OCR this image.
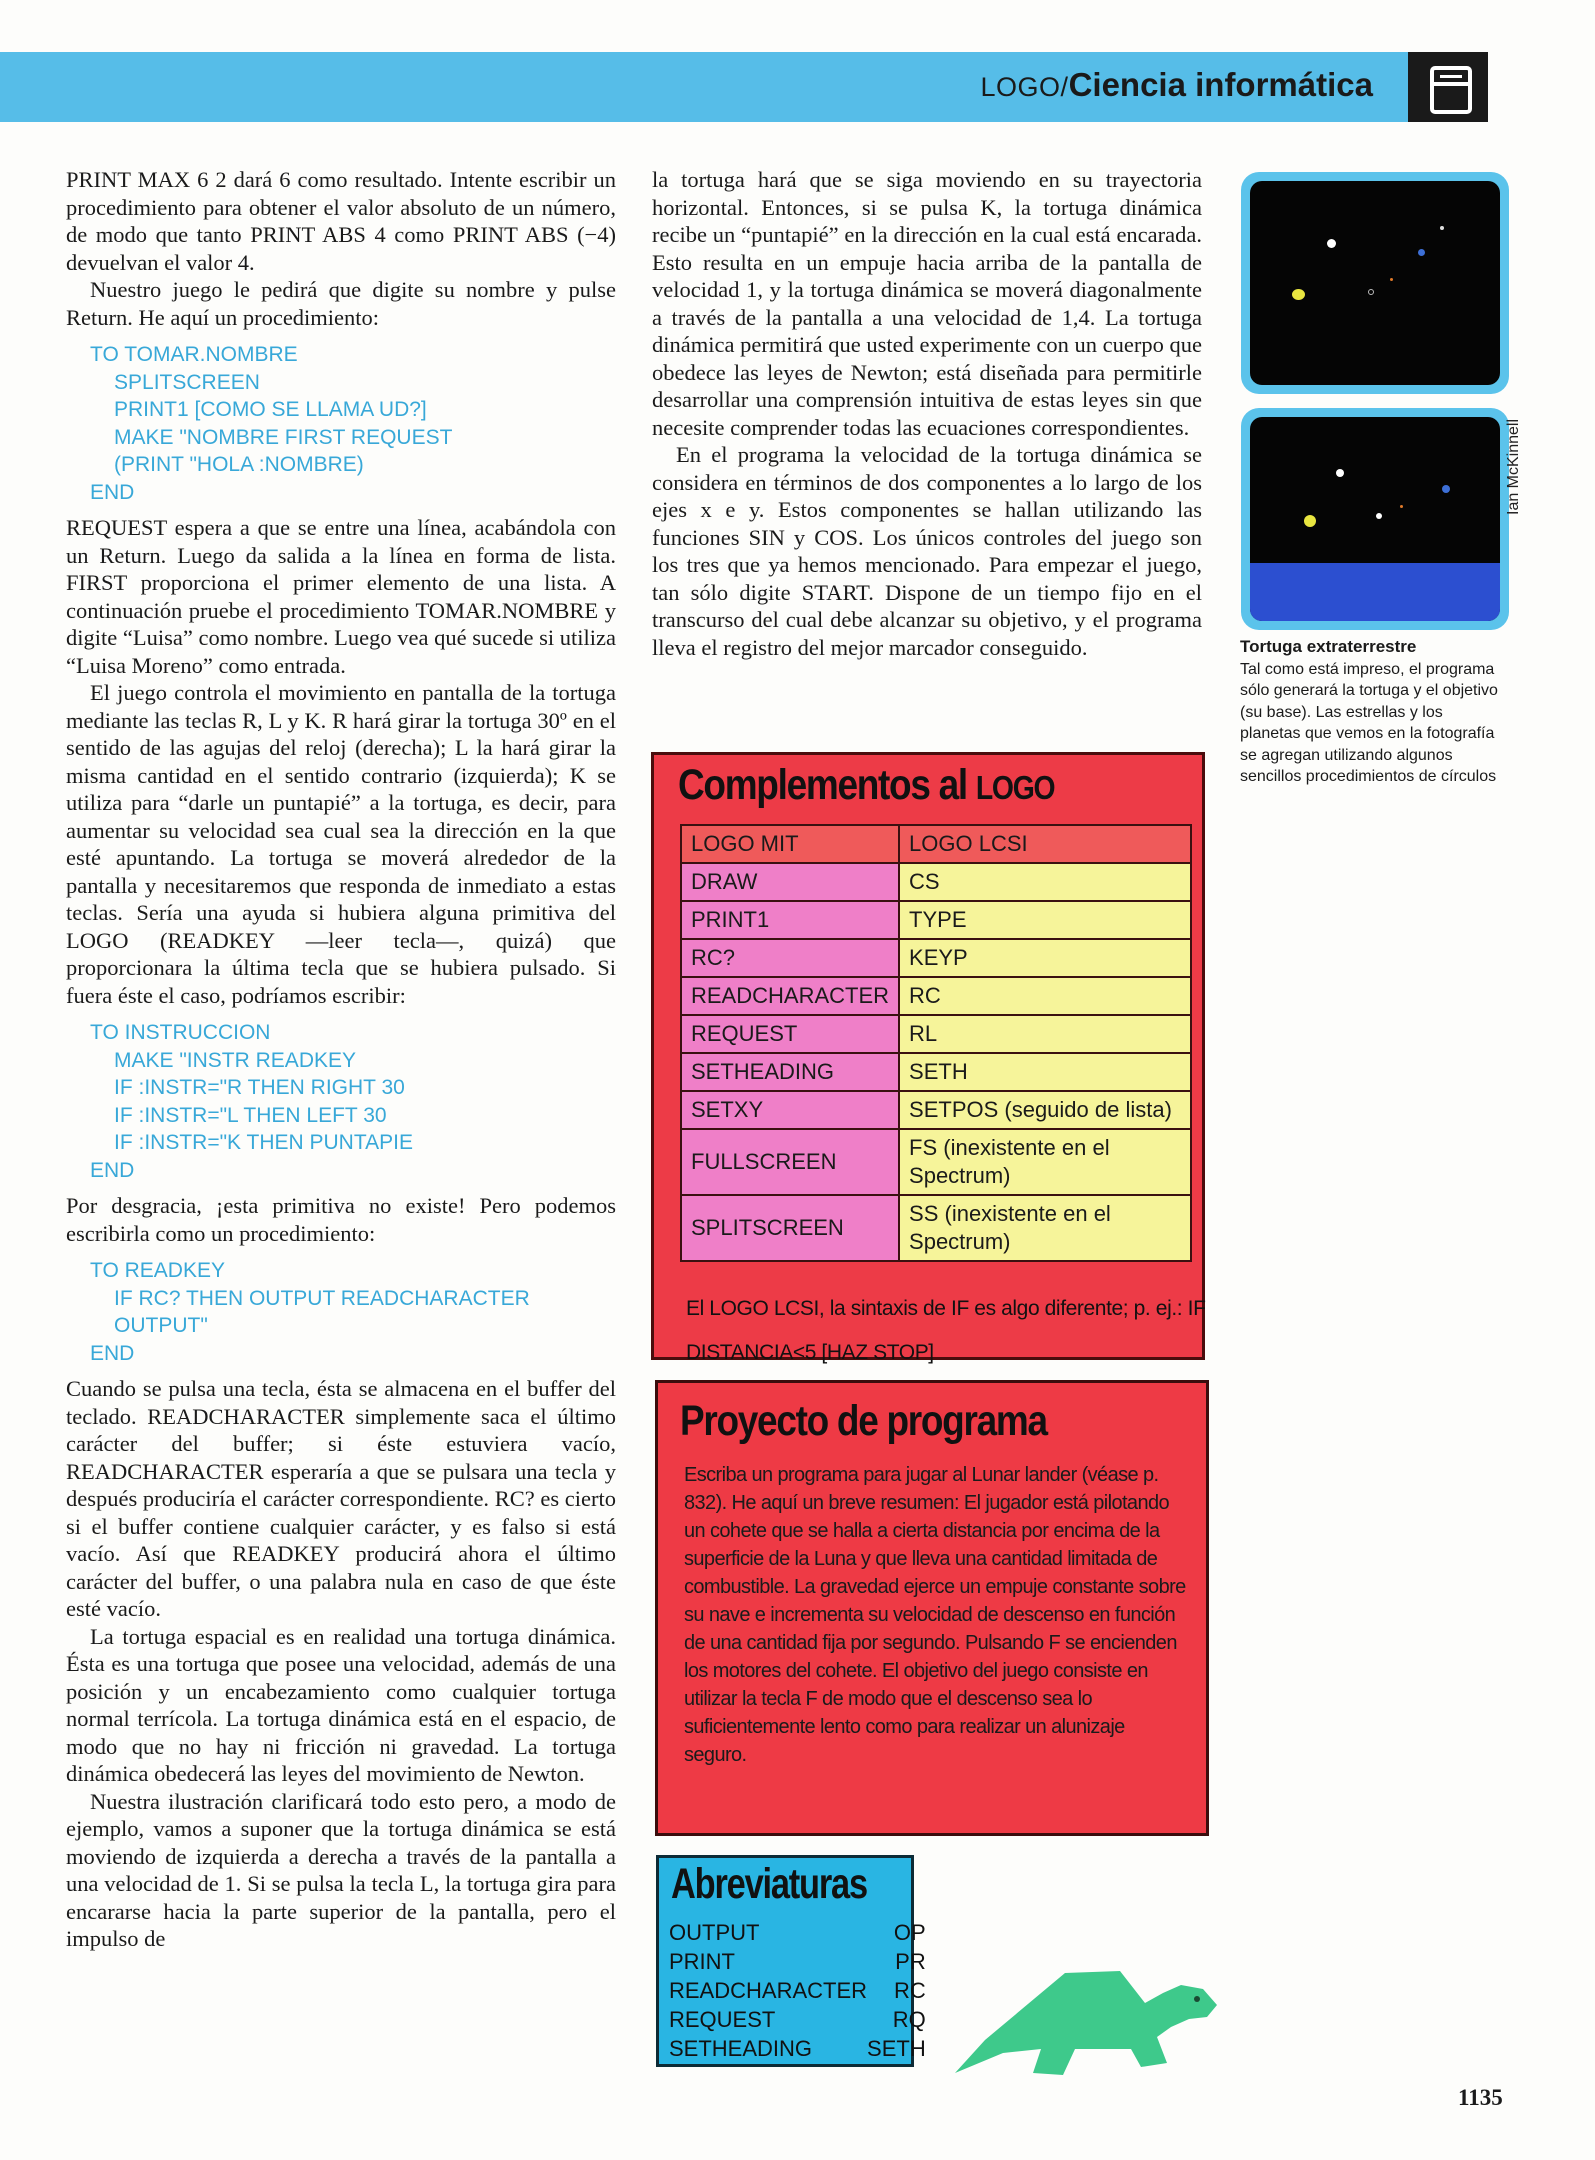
LOGO/Ciencia informática

PRINT MAX 6 2 dará 6 como resultado. Intente escribir un procedimiento para obtener el valor absoluto de un número, de modo que tanto PRINT ABS 4 como PRINT ABS (−4) devuelvan el valor 4.

Nuestro juego le pedirá que digite su nombre y pulse Return. He aquí un procedimiento:

TO TOMAR.NOMBRE
SPLITSCREEN
PRINT1 [COMO SE LLAMA UD?]
MAKE "NOMBRE FIRST REQUEST
(PRINT "HOLA :NOMBRE)
END

REQUEST espera a que se entre una línea, acabándola con un Return. Luego da salida a la línea en forma de lista. FIRST proporciona el primer elemento de una lista. A continuación pruebe el procedimiento TOMAR.NOMBRE y digite “Luisa” como nombre. Luego vea qué sucede si utiliza “Luisa Moreno” como entrada.

El juego controla el movimiento en pantalla de la tortuga mediante las teclas R, L y K. R hará girar la tortuga 30º en el sentido de las agujas del reloj (derecha); L la hará girar la misma cantidad en el sentido contrario (izquierda); K se utiliza para “darle un puntapié” a la tortuga, es decir, para aumentar su velocidad sea cual sea la dirección en la que esté apuntando. La tortuga se moverá alrededor de la pantalla y necesitaremos que responda de inmediato a estas teclas. Sería una ayuda si hubiera alguna primitiva del LOGO (READKEY —leer tecla—, quizá) que proporcionara la última tecla que se hubiera pulsado. Si fuera éste el caso, podríamos escribir:

TO INSTRUCCION
MAKE "INSTR READKEY
IF :INSTR="R THEN RIGHT 30
IF :INSTR="L THEN LEFT 30
IF :INSTR="K THEN PUNTAPIE
END

Por desgracia, ¡esta primitiva no existe! Pero podemos escribirla como un procedimiento:

TO READKEY
IF RC? THEN OUTPUT READCHARACTER
OUTPUT"
END

Cuando se pulsa una tecla, ésta se almacena en el buffer del teclado. READCHARACTER simplemente saca el último carácter del buffer; si éste estuviera vacío, READCHARACTER esperaría a que se pulsara una tecla y después produciría el carácter correspondiente. RC? es cierto si el buffer contiene cualquier carácter, y es falso si está vacío. Así que READKEY producirá ahora el último carácter del buffer, o una palabra nula en caso de que éste esté vacío.

La tortuga espacial es en realidad una tortuga dinámica. Ésta es una tortuga que posee una velocidad, además de una posición y un encabezamiento como cualquier tortuga normal terrícola. La tortuga dinámica está en el espacio, de modo que no hay ni fricción ni gravedad. La tortuga dinámica obedecerá las leyes del movimiento de Newton.

Nuestra ilustración clarificará todo esto pero, a modo de ejemplo, vamos a suponer que la tortuga dinámica se está moviendo de izquierda a derecha a través de la pantalla a una velocidad de 1. Si se pulsa la tecla L, la tortuga gira para encararse hacia la parte superior de la pantalla, pero el impulso de

la tortuga hará que se siga moviendo en su trayectoria horizontal. Entonces, si se pulsa K, la tortuga dinámica recibe un “puntapié” en la dirección en la cual está encarada. Esto resulta en un empuje hacia arriba de la pantalla de velocidad 1, y la tortuga dinámica se moverá diagonalmente a través de la pantalla a una velocidad de 1,4. La tortuga dinámica permitirá que usted experimente con un cuerpo que obedece las leyes de Newton; está diseñada para permitirle desarrollar una comprensión intuitiva de estas leyes sin que necesite comprender todas las ecuaciones correspondientes.

En el programa la velocidad de la tortuga dinámica se considera en términos de dos componentes a lo largo de los ejes x e y. Estos componentes se hallan utilizando las funciones SIN y COS. Los únicos controles del juego son los tres que ya hemos mencionado. Para empezar el juego, tan sólo digite START. Dispone de un tiempo fijo en el transcurso del cual debe alcanzar su objetivo, y el programa lleva el registro del mejor marcador conseguido.

Ian McKinnell
Tortuga extraterrestre
Tal como está impreso, el programa sólo generará la tortuga y el objetivo (su base). Las estrellas y los planetas que vemos en la fotografía se agregan utilizando algunos sencillos procedimientos de círculos
Complementos al LOGO
LOGO MIT	LOGO LCSI
DRAW	CS
PRINT1	TYPE
RC?	KEYP
READCHARACTER	RC
REQUEST	RL
SETHEADING	SETH
SETXY	SETPOS (seguido de lista)
FULLSCREEN	FS (inexistente en el Spectrum)
SPLITSCREEN	SS (inexistente en el Spectrum)
El LOGO LCSI, la sintaxis de IF es algo diferente; p. ej.: IF DISTANCIA<5 [HAZ STOP]
Proyecto de programa
Escriba un programa para jugar al Lunar lander (véase p. 832). He aquí un breve resumen: El jugador está pilotando un cohete que se halla a cierta distancia por encima de la superficie de la Luna y que lleva una cantidad limitada de combustible. La gravedad ejerce un empuje constante sobre su nave e incrementa su velocidad de descenso en función de una cantidad fija por segundo. Pulsando F se encienden los motores del cohete. El objetivo del juego consiste en utilizar la tecla F de modo que el descenso sea lo suficientemente lento como para realizar un alunizaje seguro.
Abreviaturas
OUTPUT	OP
PRINT	PR
READCHARACTER	RC
REQUEST	RQ
SETHEADING	SETH
1135
